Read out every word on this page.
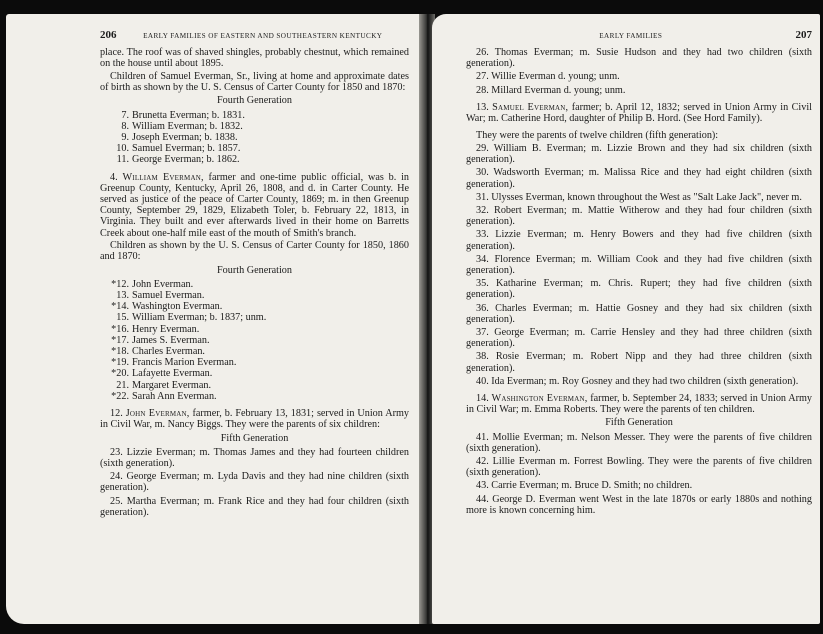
206	EARLY FAMILIES OF EASTERN AND SOUTHEASTERN KENTUCKY

place. The roof was of shaved shingles, probably chestnut, which remained on the house until about 1895.

Children of Samuel Everman, Sr., living at home and approximate dates of birth as shown by the U. S. Census of Carter County for 1850 and 1870:

Fourth Generation

7. Brunetta Everman; b. 1831.
8. William Everman; b. 1832.
9. Joseph Everman; b. 1838.
10. Samuel Everman; b. 1857.
11. George Everman; b. 1862.

4. William Everman, farmer and one-time public official, was b. in Greenup County, Kentucky, April 26, 1808, and d. in Carter County. He served as justice of the peace of Carter County, 1869; m. in then Greenup County, September 29, 1829, Elizabeth Toler, b. February 22, 1813, in Virginia. They built and ever afterwards lived in their home on Barretts Creek about one-half mile east of the mouth of Smith's branch.

Children as shown by the U. S. Census of Carter County for 1850, 1860 and 1870:

Fourth Generation

*12. John Everman.
13. Samuel Everman.
*14. Washington Everman.
15. William Everman; b. 1837; unm.
*16. Henry Everman.
*17. James S. Everman.
*18. Charles Everman.
*19. Francis Marion Everman.
*20. Lafayette Everman.
21. Margaret Everman.
*22. Sarah Ann Everman.

12. John Everman, farmer, b. February 13, 1831; served in Union Army in Civil War, m. Nancy Biggs. They were the parents of six children:

Fifth Generation

23. Lizzie Everman; m. Thomas James and they had fourteen children (sixth generation).

24. George Everman; m. Lyda Davis and they had nine children (sixth generation).

25. Martha Everman; m. Frank Rice and they had four children (sixth generation).

EARLY FAMILIES	207

26. Thomas Everman; m. Susie Hudson and they had two children (sixth generation).

27. Willie Everman d. young; unm.

28. Millard Everman d. young; unm.

13. Samuel Everman, farmer; b. April 12, 1832; served in Union Army in Civil War; m. Catherine Hord, daughter of Philip B. Hord. (See Hord Family).

They were the parents of twelve children (fifth generation):

29. William B. Everman; m. Lizzie Brown and they had six children (sixth generation).

30. Wadsworth Everman; m. Malissa Rice and they had eight children (sixth generation).

31. Ulysses Everman, known throughout the West as "Salt Lake Jack", never m.

32. Robert Everman; m. Mattie Witherow and they had four children (sixth generation).

33. Lizzie Everman; m. Henry Bowers and they had five children (sixth generation).

34. Florence Everman; m. William Cook and they had five children (sixth generation).

35. Katharine Everman; m. Chris. Rupert; they had five children (sixth generation).

36. Charles Everman; m. Hattie Gosney and they had six children (sixth generation).

37. George Everman; m. Carrie Hensley and they had three children (sixth generation).

38. Rosie Everman; m. Robert Nipp and they had three children (sixth generation).

40. Ida Everman; m. Roy Gosney and they had two children (sixth generation).

14. Washington Everman, farmer, b. September 24, 1833; served in Union Army in Civil War; m. Emma Roberts. They were the parents of ten children.

Fifth Generation

41. Mollie Everman; m. Nelson Messer. They were the parents of five children (sixth generation).

42. Lillie Everman m. Forrest Bowling. They were the parents of five children (sixth generation).

43. Carrie Everman; m. Bruce D. Smith; no children.

44. George D. Everman went West in the late 1870s or early 1880s and nothing more is known concerning him.
